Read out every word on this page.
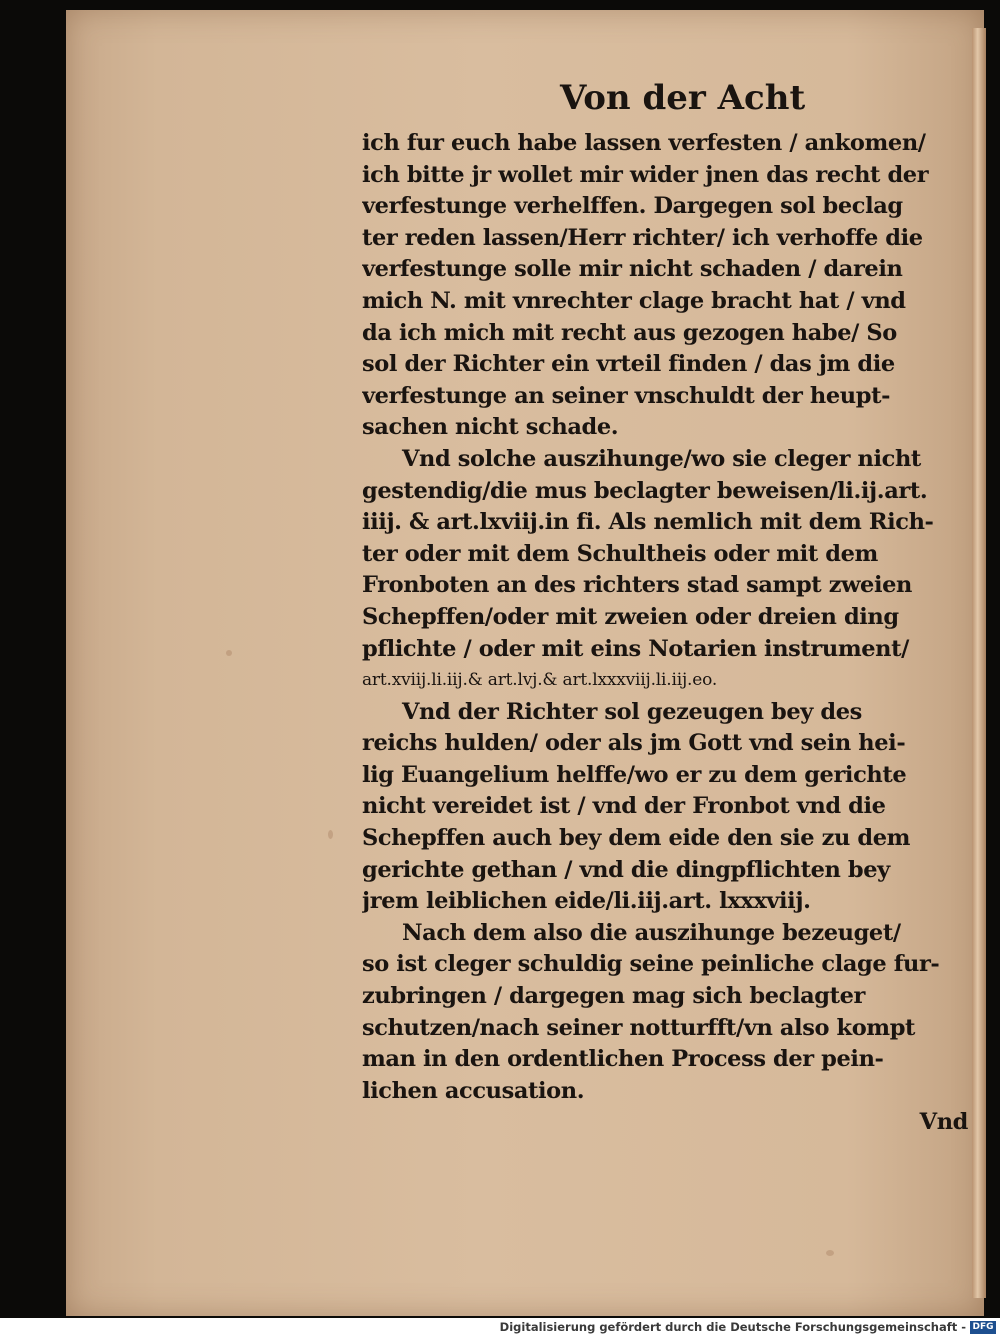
Von der Acht
ich fur euch habe lassen verfesten / ankomen/
ich bitte jr wollet mir wider jnen das recht der
verfestunge verhelffen. Dargegen sol beclag
ter reden lassen/Herr richter/ ich verhoffe die
verfestunge solle mir nicht schaden / darein
mich N. mit vnrechter clage bracht hat / vnd
da ich mich mit recht aus gezogen habe/ So
sol der Richter ein vrteil finden / das jm die
verfestunge an seiner vnschuldt der heupt-
sachen nicht schade.
Vnd solche auszihunge/wo sie cleger nicht
gestendig/die mus beclagter beweisen/li.ij.art.
iiij. & art.lxviij.in fi. Als nemlich mit dem Rich-
ter oder mit dem Schultheis oder mit dem
Fronboten an des richters stad sampt zweien
Schepffen/oder mit zweien oder dreien ding
pflichte / oder mit eins Notarien instrument/
art.xviij.li.iij.& art.lvj.& art.lxxxviij.li.iij.eo.
Vnd der Richter sol gezeugen bey des
reichs hulden/ oder als jm Gott vnd sein hei-
lig Euangelium helffe/wo er zu dem gerichte
nicht vereidet ist / vnd der Fronbot vnd die
Schepffen auch bey dem eide den sie zu dem
gerichte gethan / vnd die dingpflichten bey
jrem leiblichen eide/li.iij.art. lxxxviij.
Nach dem also die auszihunge bezeuget/
so ist cleger schuldig seine peinliche clage fur-
zubringen / dargegen mag sich beclagter
schutzen/nach seiner notturfft/vn also kompt
man in den ordentlichen Process der pein-
lichen accusation.
Vnd
Digitalisierung gefördert durch die Deutsche Forschungsgemeinschaft - DFG
